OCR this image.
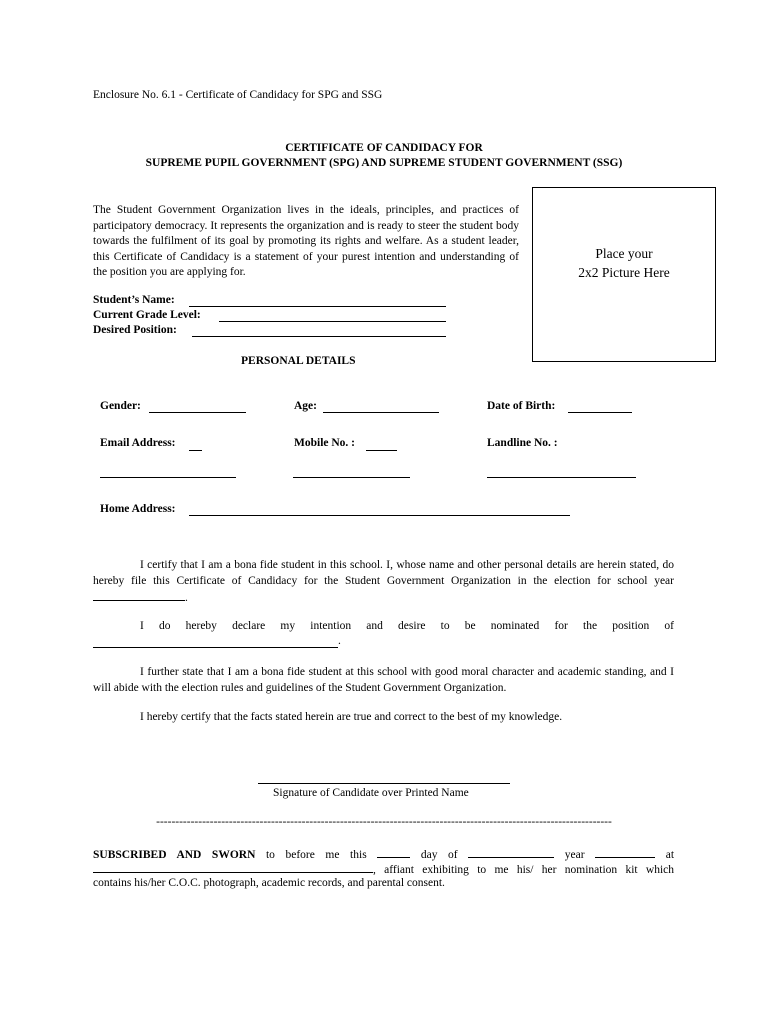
Enclosure No. 6.1 - Certificate of Candidacy for SPG and SSG
CERTIFICATE OF CANDIDACY FOR
SUPREME PUPIL GOVERNMENT (SPG) AND SUPREME STUDENT GOVERNMENT (SSG)
The Student Government Organization lives in the ideals, principles, and practices of participatory democracy. It represents the organization and is ready to steer the student body towards the fulfilment of its goal by promoting its rights and welfare. As a student leader, this Certificate of Candidacy is a statement of your purest intention and understanding of the position you are applying for.
Place your
2x2 Picture Here
Student’s Name:
Current Grade Level:
Desired Position:
PERSONAL DETAILS
Gender:	Age:	Date of Birth:
Email Address:	Mobile No. :	Landline No. :
Home Address:
I certify that I am a bona fide student in this school. I, whose name and other personal details are herein stated, do hereby file this Certificate of Candidacy for the Student Government Organization in the election for school year .
I do hereby declare my intention and desire to be nominated for the position of
.
I further state that I am a bona fide student at this school with good moral character and academic standing, and I will abide with the election rules and guidelines of the Student Government Organization.
I hereby certify that the facts stated herein are true and correct to the best of my knowledge.
Signature of Candidate over Printed Name
-----------------------------------------------------------------------------------------------------------------------
SUBSCRIBED AND SWORN to before me this	day of	year	at
, affiant exhibiting to me his/ her nomination kit which
contains his/her C.O.C. photograph, academic records, and parental consent.
